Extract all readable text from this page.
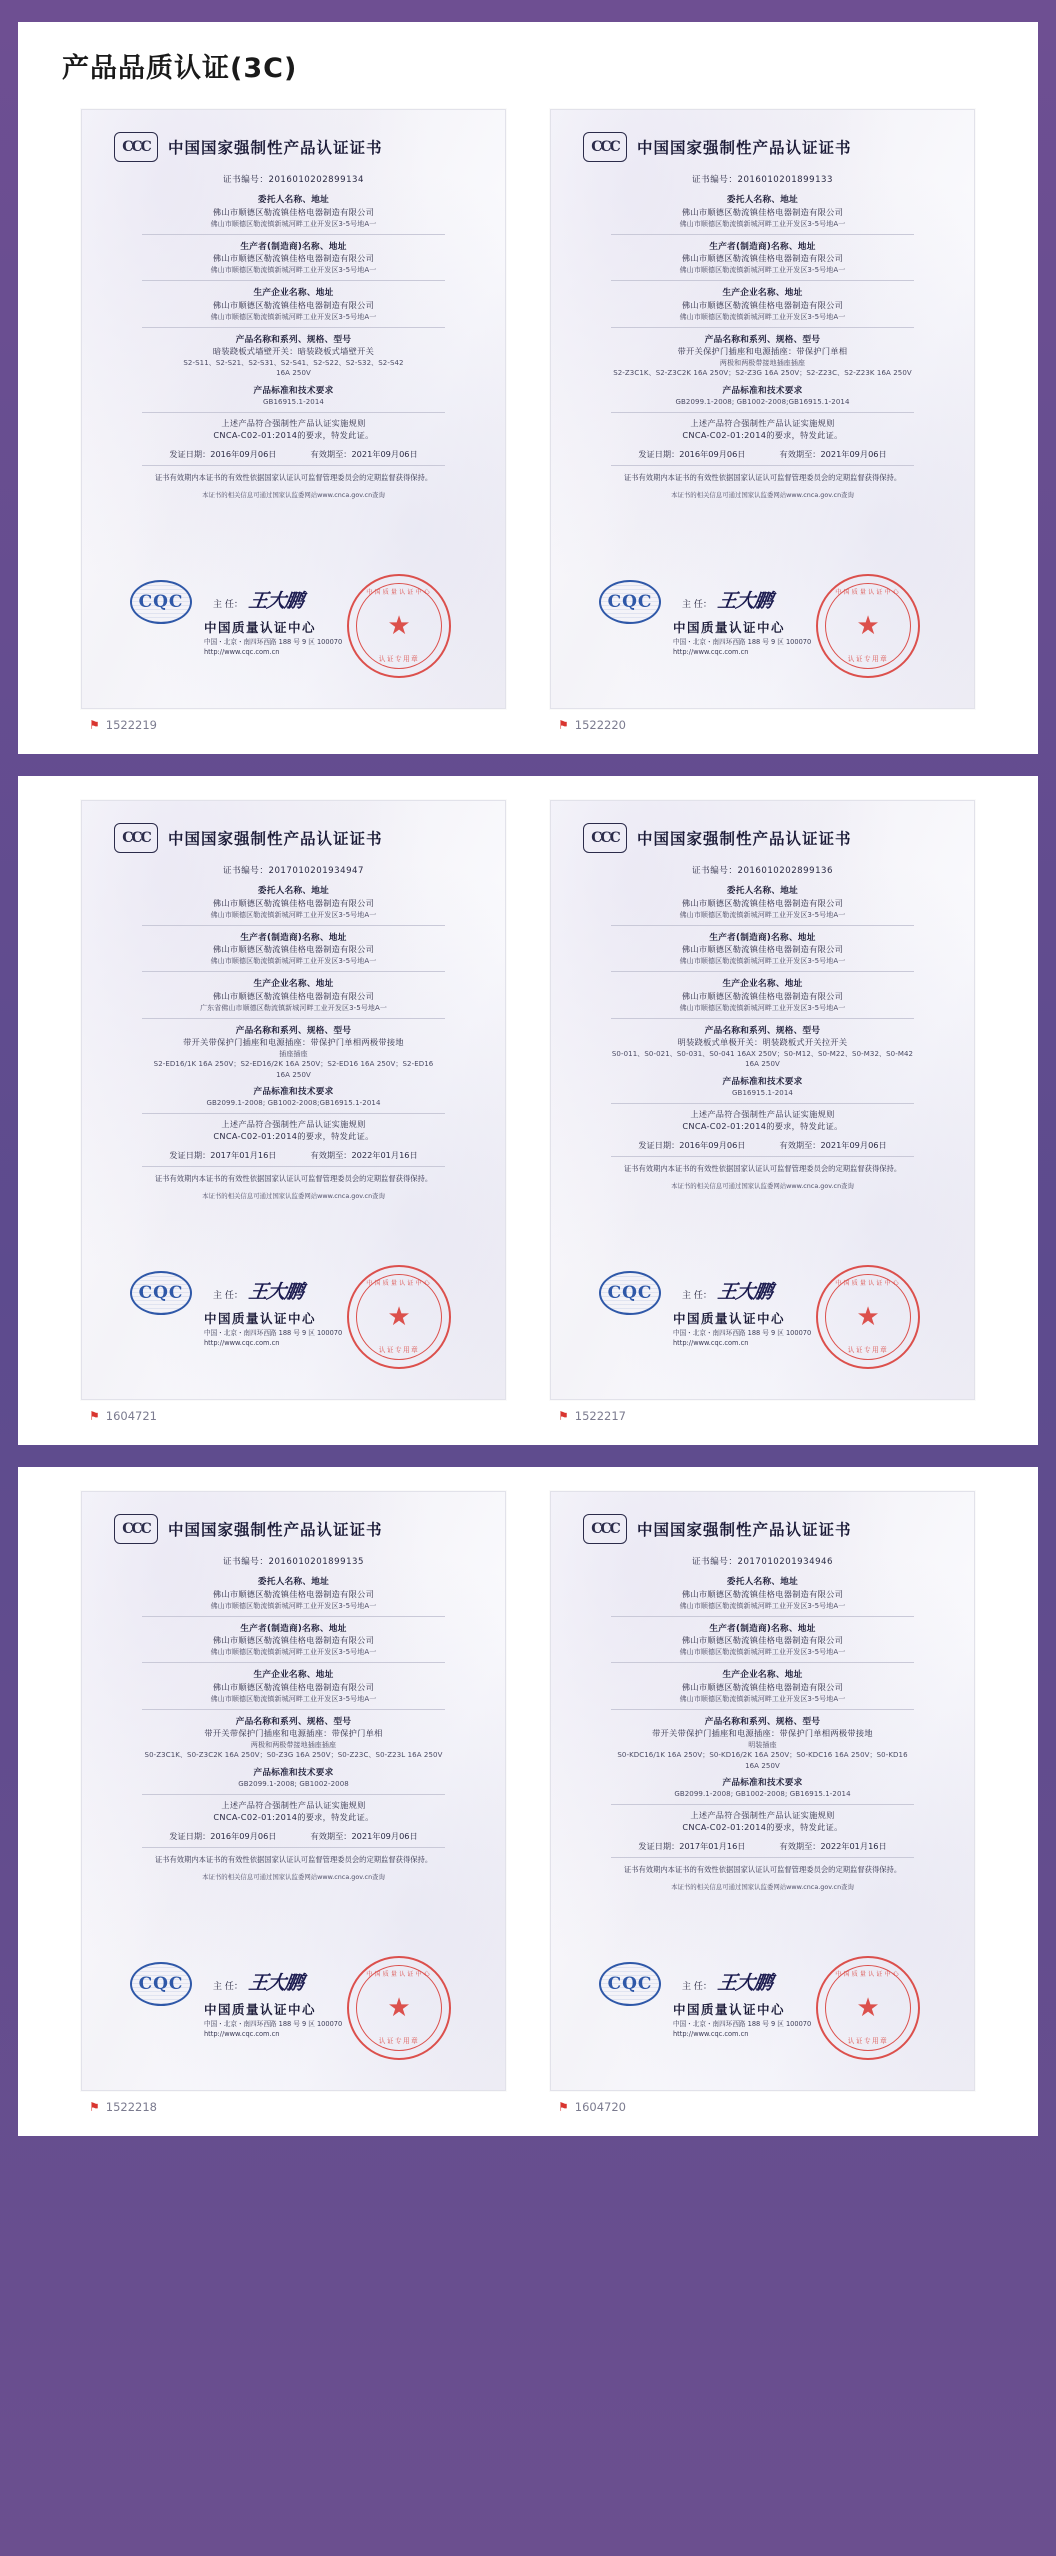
产品品质认证(3C)
CCC	中国国家强制性产品认证证书
证书编号：2016010202899134
委托人名称、地址
佛山市顺德区勒流镇佳格电器制造有限公司
佛山市顺德区勒流镇新城河畔工业开发区3-5号地A一
生产者(制造商)名称、地址
佛山市顺德区勒流镇佳格电器制造有限公司
佛山市顺德区勒流镇新城河畔工业开发区3-5号地A一
生产企业名称、地址
佛山市顺德区勒流镇佳格电器制造有限公司
佛山市顺德区勒流镇新城河畔工业开发区3-5号地A一
产品名称和系列、规格、型号
暗装跷板式墙壁开关：暗装跷板式墙壁开关
S2-S11、S2-S21、S2-S31、S2-S41、S2-S22、S2-S32、S2-S42
16A 250V
产品标准和技术要求
GB16915.1-2014
上述产品符合强制性产品认证实施规则
CNCA-C02-01:2014的要求，特发此证。
发证日期：2016年09月06日	有效期至：2021年09月06日
证书有效期内本证书的有效性依据国家认证认可监督管理委员会的定期监督获得保持。
本证书的相关信息可通过国家认监委网站www.cnca.gov.cn查询
CQC	主 任： 王大鹏
中国质量认证中心
中国・北京・南四环西路 188 号 9 区 100070
http://www.cqc.com.cn
中国质量认证中心
★
认证专用章
⚑ 1522219
CCC	中国国家强制性产品认证证书
证书编号：2016010201899133
委托人名称、地址
佛山市顺德区勒流镇佳格电器制造有限公司
佛山市顺德区勒流镇新城河畔工业开发区3-5号地A一
生产者(制造商)名称、地址
佛山市顺德区勒流镇佳格电器制造有限公司
佛山市顺德区勒流镇新城河畔工业开发区3-5号地A一
生产企业名称、地址
佛山市顺德区勒流镇佳格电器制造有限公司
佛山市顺德区勒流镇新城河畔工业开发区3-5号地A一
产品名称和系列、规格、型号
带开关保护门插座和电源插座：带保护门单相
两极和两极带接地插座插座
S2-Z3C1K、S2-Z3C2K 16A 250V；S2-Z3G 16A 250V；S2-Z23C、S2-Z23K 16A 250V
产品标准和技术要求
GB2099.1-2008; GB1002-2008;GB16915.1-2014
上述产品符合强制性产品认证实施规则
CNCA-C02-01:2014的要求，特发此证。
发证日期：2016年09月06日	有效期至：2021年09月06日
证书有效期内本证书的有效性依据国家认证认可监督管理委员会的定期监督获得保持。
本证书的相关信息可通过国家认监委网站www.cnca.gov.cn查询
CQC	主 任： 王大鹏
中国质量认证中心
中国・北京・南四环西路 188 号 9 区 100070
http://www.cqc.com.cn
中国质量认证中心
★
认证专用章
⚑ 1522220
CCC	中国国家强制性产品认证证书
证书编号：2017010201934947
委托人名称、地址
佛山市顺德区勒流镇佳格电器制造有限公司
佛山市顺德区勒流镇新城河畔工业开发区3-5号地A一
生产者(制造商)名称、地址
佛山市顺德区勒流镇佳格电器制造有限公司
佛山市顺德区勒流镇新城河畔工业开发区3-5号地A一
生产企业名称、地址
佛山市顺德区勒流镇佳格电器制造有限公司
广东省佛山市顺德区勒流镇新城河畔工业开发区3-5号地A一
产品名称和系列、规格、型号
带开关带保护门插座和电源插座：带保护门单相两极带接地
插座插座
S2-ED16/1K 16A 250V；S2-ED16/2K 16A 250V；S2-ED16 16A 250V；S2-ED16
16A 250V
产品标准和技术要求
GB2099.1-2008; GB1002-2008;GB16915.1-2014
上述产品符合强制性产品认证实施规则
CNCA-C02-01:2014的要求，特发此证。
发证日期：2017年01月16日	有效期至：2022年01月16日
证书有效期内本证书的有效性依据国家认证认可监督管理委员会的定期监督获得保持。
本证书的相关信息可通过国家认监委网站www.cnca.gov.cn查询
CQC	主 任： 王大鹏
中国质量认证中心
中国・北京・南四环西路 188 号 9 区 100070
http://www.cqc.com.cn
中国质量认证中心
★
认证专用章
⚑ 1604721
CCC	中国国家强制性产品认证证书
证书编号：2016010202899136
委托人名称、地址
佛山市顺德区勒流镇佳格电器制造有限公司
佛山市顺德区勒流镇新城河畔工业开发区3-5号地A一
生产者(制造商)名称、地址
佛山市顺德区勒流镇佳格电器制造有限公司
佛山市顺德区勒流镇新城河畔工业开发区3-5号地A一
生产企业名称、地址
佛山市顺德区勒流镇佳格电器制造有限公司
佛山市顺德区勒流镇新城河畔工业开发区3-5号地A一
产品名称和系列、规格、型号
明装跷板式单极开关：明装跷板式开关拉开关
S0-011、S0-021、S0-031、S0-041 16AX 250V；S0-M12、S0-M22、S0-M32、S0-M42
16A 250V
产品标准和技术要求
GB16915.1-2014
上述产品符合强制性产品认证实施规则
CNCA-C02-01:2014的要求，特发此证。
发证日期：2016年09月06日	有效期至：2021年09月06日
证书有效期内本证书的有效性依据国家认证认可监督管理委员会的定期监督获得保持。
本证书的相关信息可通过国家认监委网站www.cnca.gov.cn查询
CQC	主 任： 王大鹏
中国质量认证中心
中国・北京・南四环西路 188 号 9 区 100070
http://www.cqc.com.cn
中国质量认证中心
★
认证专用章
⚑ 1522217
CCC	中国国家强制性产品认证证书
证书编号：2016010201899135
委托人名称、地址
佛山市顺德区勒流镇佳格电器制造有限公司
佛山市顺德区勒流镇新城河畔工业开发区3-5号地A一
生产者(制造商)名称、地址
佛山市顺德区勒流镇佳格电器制造有限公司
佛山市顺德区勒流镇新城河畔工业开发区3-5号地A一
生产企业名称、地址
佛山市顺德区勒流镇佳格电器制造有限公司
佛山市顺德区勒流镇新城河畔工业开发区3-5号地A一
产品名称和系列、规格、型号
带开关带保护门插座和电源插座：带保护门单相
两极和两极带接地插座插座
S0-Z3C1K、S0-Z3C2K 16A 250V；S0-Z3G 16A 250V；S0-Z23C、S0-Z23L 16A 250V
产品标准和技术要求
GB2099.1-2008; GB1002-2008
上述产品符合强制性产品认证实施规则
CNCA-C02-01:2014的要求，特发此证。
发证日期：2016年09月06日	有效期至：2021年09月06日
证书有效期内本证书的有效性依据国家认证认可监督管理委员会的定期监督获得保持。
本证书的相关信息可通过国家认监委网站www.cnca.gov.cn查询
CQC	主 任： 王大鹏
中国质量认证中心
中国・北京・南四环西路 188 号 9 区 100070
http://www.cqc.com.cn
中国质量认证中心
★
认证专用章
⚑ 1522218
CCC	中国国家强制性产品认证证书
证书编号：2017010201934946
委托人名称、地址
佛山市顺德区勒流镇佳格电器制造有限公司
佛山市顺德区勒流镇新城河畔工业开发区3-5号地A一
生产者(制造商)名称、地址
佛山市顺德区勒流镇佳格电器制造有限公司
佛山市顺德区勒流镇新城河畔工业开发区3-5号地A一
生产企业名称、地址
佛山市顺德区勒流镇佳格电器制造有限公司
佛山市顺德区勒流镇新城河畔工业开发区3-5号地A一
产品名称和系列、规格、型号
带开关带保护门插座和电源插座：带保护门单相两极带接地
明装插座
S0-KDC16/1K 16A 250V；S0-KD16/2K 16A 250V；S0-KDC16 16A 250V；S0-KD16
16A 250V
产品标准和技术要求
GB2099.1-2008; GB1002-2008; GB16915.1-2014
上述产品符合强制性产品认证实施规则
CNCA-C02-01:2014的要求，特发此证。
发证日期：2017年01月16日	有效期至：2022年01月16日
证书有效期内本证书的有效性依据国家认证认可监督管理委员会的定期监督获得保持。
本证书的相关信息可通过国家认监委网站www.cnca.gov.cn查询
CQC	主 任： 王大鹏
中国质量认证中心
中国・北京・南四环西路 188 号 9 区 100070
http://www.cqc.com.cn
中国质量认证中心
★
认证专用章
⚑ 1604720
